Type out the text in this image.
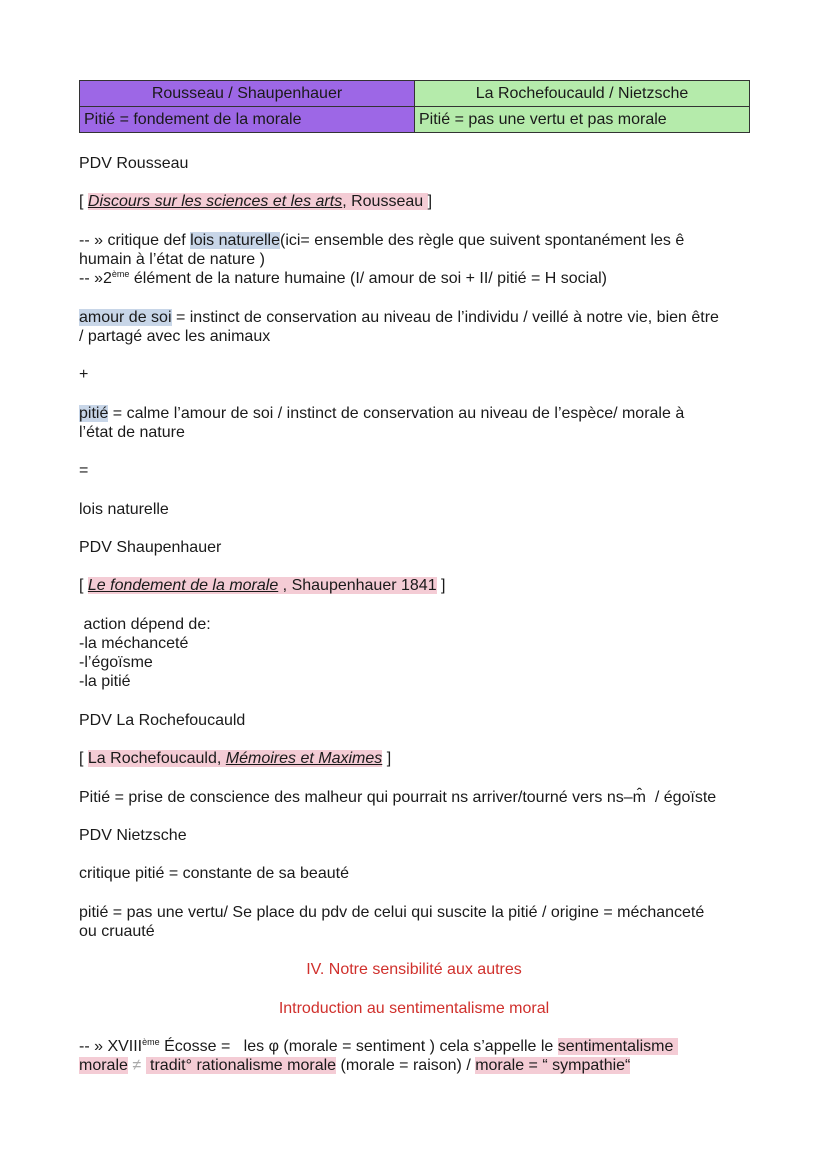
Rousseau / Shaupenhauer	La Rochefoucauld / Nietzsche
Pitié = fondement de la morale	Pitié = pas une vertu et pas morale
PDV Rousseau
[ Discours sur les sciences et les arts, Rousseau ]
-- » critique def lois naturelle(ici= ensemble des règle que suivent spontanément les ê
humain à l’état de nature )
-- »2ème élément de la nature humaine (I/ amour de soi + II/ pitié = H social)
amour de soi = instinct de conservation au niveau de l’individu / veillé à notre vie, bien être
/ partagé avec les animaux
+
pitié = calme l’amour de soi / instinct de conservation au niveau de l’espèce/ morale à
l’état de nature
=
lois naturelle
PDV Shaupenhauer
[ Le fondement de la morale , Shaupenhauer 1841 ]
action dépend de:
-la méchanceté
-l’égoïsme
-la pitié
PDV La Rochefoucauld
[ La Rochefoucauld, Mémoires et Maximes ]
Pitié = prise de conscience des malheur qui pourrait ns arriver/tourné vers ns–m̂  / égoïste
PDV Nietzsche
critique pitié = constante de sa beauté
pitié = pas une vertu/ Se place du pdv de celui qui suscite la pitié / origine = méchanceté
ou cruauté
IV. Notre sensibilité aux autres
Introduction au sentimentalisme moral
-- » XVIIIème Écosse =   les φ (morale = sentiment ) cela s’appelle le sentimentalisme
morale ≠  tradit° rationalisme morale (morale = raison) / morale = “ sympathie“
